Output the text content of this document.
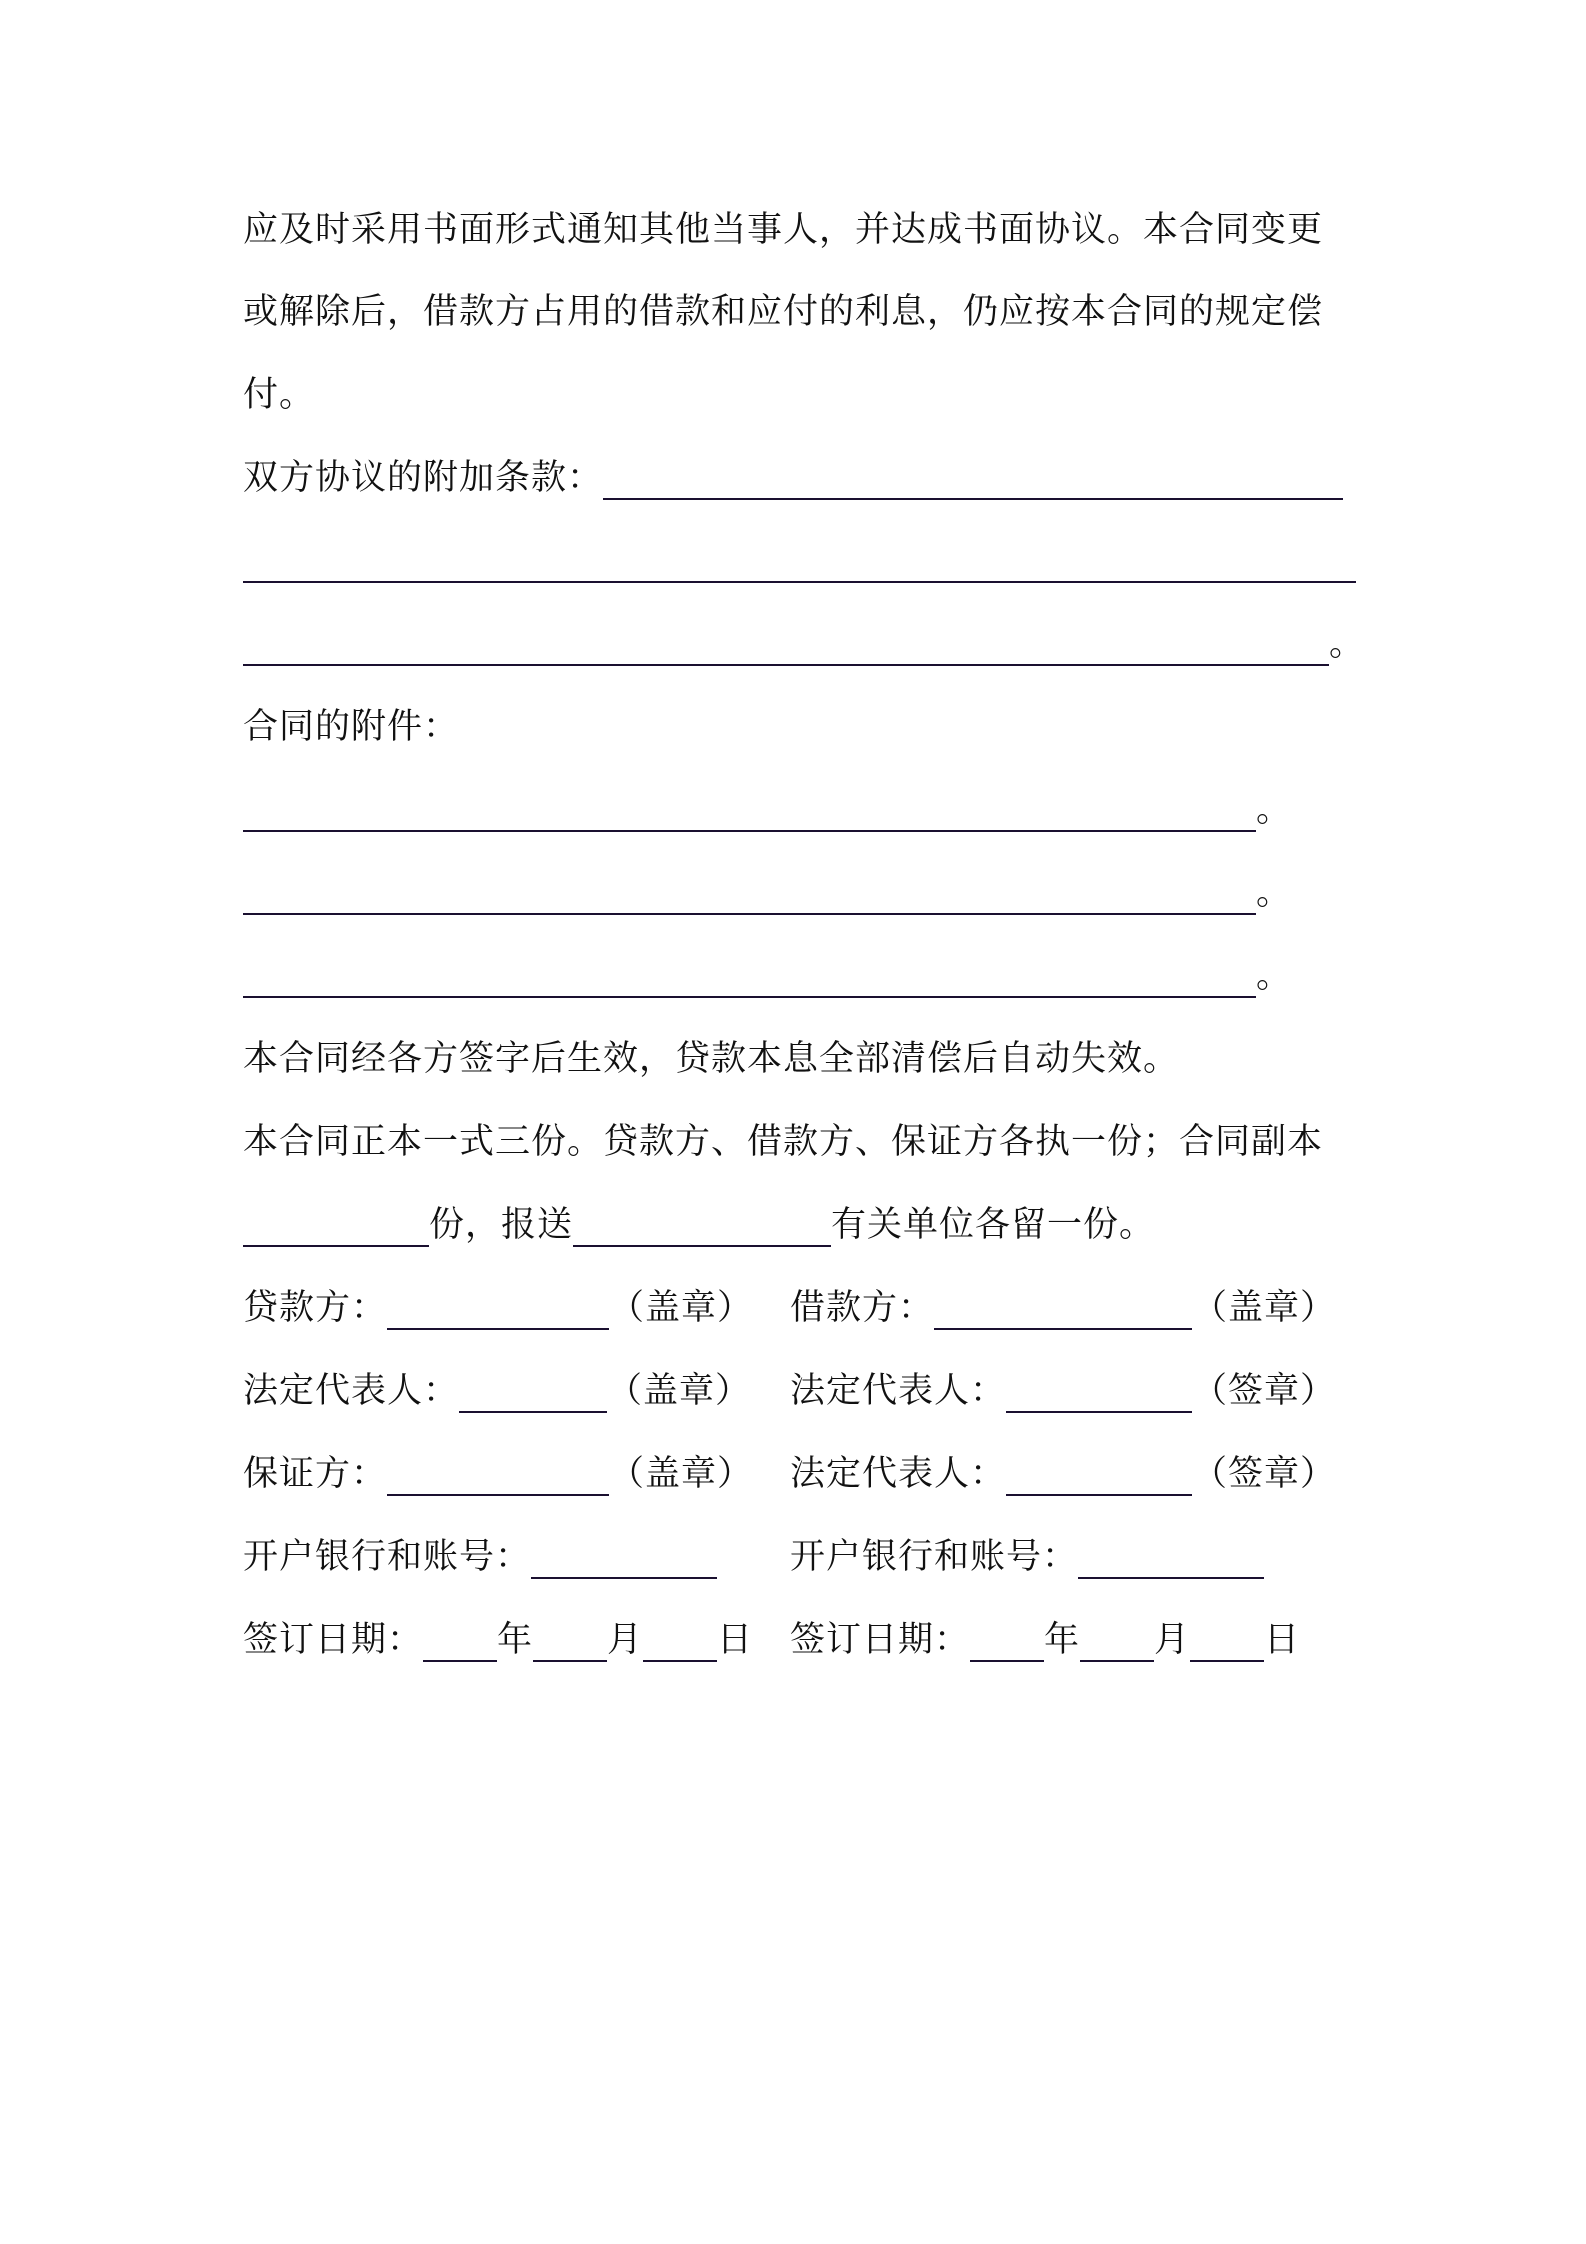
应及时采用书面形式通知其他当事人，并达成书面协议。本合同变更
或解除后，借款方占用的借款和应付的利息，仍应按本合同的规定偿
付。
双方协议的附加条款：
。
合同的附件：
。
。
。
本合同经各方签字后生效，贷款本息全部清偿后自动失效。
本合同正本一式三份。贷款方、借款方、保证方各执一份；合同副本
份，报送	有关单位各留一份。
贷款方：	（盖章） 借款方：	（盖章）
法定代表人：	（盖章） 法定代表人：	（签章）
保证方：	（盖章） 法定代表人：	（签章）
开户银行和账号：	开户银行和账号：
签订日期： 年 月 日 签订日期： 年 月 日
